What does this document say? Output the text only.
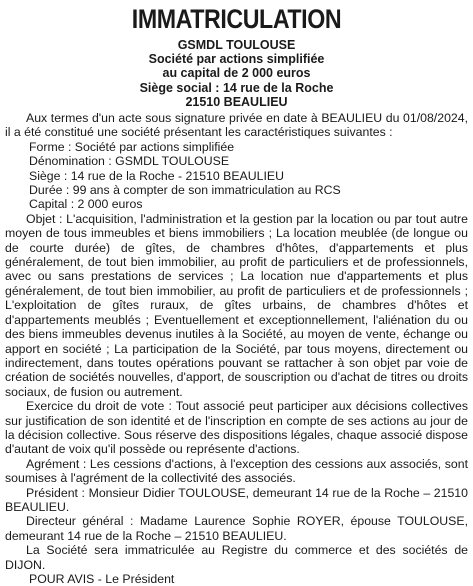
IMMATRICULATION
GSMDL TOULOUSE
Société par actions simplifiée
au capital de 2 000 euros
Siège social : 14 rue de la Roche
21510 BEAULIEU

Aux termes d'un acte sous signature privée en date à BEAULIEU du 01/08/2024, il a été constitué une société présentant les caractéristiques suivantes :

Forme : Société par actions simplifiée

Dénomination : GSMDL TOULOUSE

Siège : 14 rue de la Roche - 21510 BEAULIEU

Durée : 99 ans à compter de son immatriculation au RCS

Capital : 2 000 euros

Objet : L'acquisition, l'administration et la gestion par la location ou par tout autre moyen de tous immeubles et biens immobiliers ; La location meublée (de longue ou de courte durée) de gîtes, de chambres d'hôtes, d'appartements et plus généralement, de tout bien immobilier, au profit de particuliers et de professionnels, avec ou sans prestations de services ; La location nue d'appartements et plus généralement, de tout bien immobilier, au profit de particuliers et de professionnels ; L'exploitation de gîtes ruraux, de gîtes urbains, de chambres d'hôtes et d'appartements meublés ; Eventuellement et exceptionnellement, l'aliénation du ou des biens immeubles devenus inutiles à la Société, au moyen de vente, échange ou apport en société ; La participation de la Société, par tous moyens, directement ou indirectement, dans toutes opérations pouvant se rattacher à son objet par voie de création de sociétés nouvelles, d'apport, de souscription ou d'achat de titres ou droits sociaux, de fusion ou autrement.

Exercice du droit de vote : Tout associé peut participer aux décisions collectives sur justification de son identité et de l'inscription en compte de ses actions au jour de la décision collective. Sous réserve des dispositions légales, chaque associé dispose d'autant de voix qu'il possède ou représente d'actions.

Agrément : Les cessions d'actions, à l'exception des cessions aux associés, sont soumises à l'agrément de la collectivité des associés.

Président : Monsieur Didier TOULOUSE, demeurant 14 rue de la Roche – 21510 BEAULIEU.

Directeur général : Madame Laurence Sophie ROYER, épouse TOULOUSE, demeurant 14 rue de la Roche – 21510 BEAULIEU.

La Société sera immatriculée au Registre du commerce et des sociétés de DIJON.

POUR AVIS - Le Président
